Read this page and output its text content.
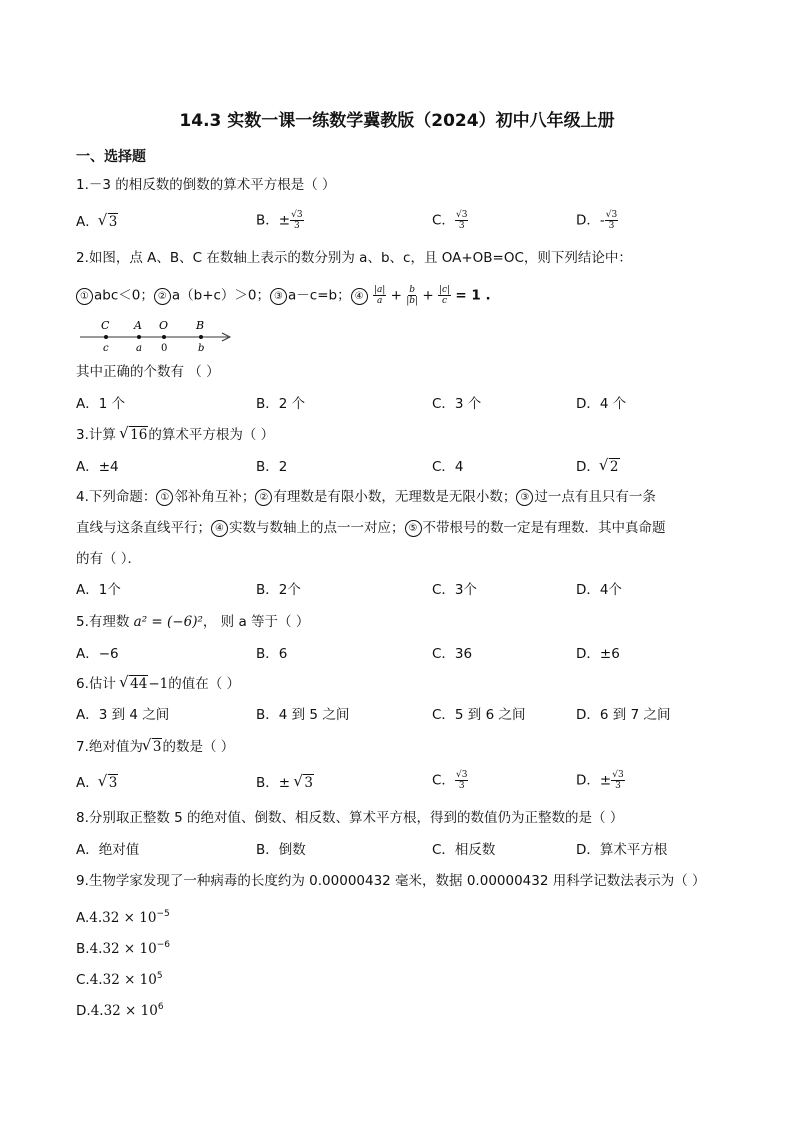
14.3 实数一课一练数学冀教版（2024）初中八年级上册
一、选择题
1.－3 的相反数的倒数的算术平方根是（ ）
A． √ 3	B．± $\frac{√3}{3}$	C． $\frac{√3}{3}$	D．- $\frac{√3}{3}$
2.如图，点 A、B、C 在数轴上表示的数分别为 a、b、c，且 OA+OB=OC，则下列结论中：
① abc＜0； ② a（b+c）＞0； ③ a－c=b； ④ $\frac{|a|}{a} + \frac{b}{|b|} + \frac{|c|}{c} = 1$ .
C A O	B
c	a 0	b
其中正确的个数有 （ ）
A．1 个	B．2 个	C．3 个	D．4 个
3.计算 √ 16的算术平方根为（ ）
A．±4	B．2	C．4	D． √ 2
4.下列命题： ① 邻补角互补； ② 有理数是有限小数，无理数是无限小数； ③ 过一点有且只有一条
直线与这条直线平行； ④ 实数与数轴上的点一一对应； ⑤ 不带根号的数一定是有理数．其中真命题
的有（ ）．
A．1个	B．2个	C．3个	D．4个
5.有理数 a² = (−6)²， 则 a 等于（ ）
A．−6	B．6	C．36	D．±6
6.估计 √ 44−1的值在（ ）
A．3 到 4 之间	B．4 到 5 之间	C．5 到 6 之间	D．6 到 7 之间
7.绝对值为 √ 3的数是（ ）
A． √ 3	B．± √ 3	C． $\frac{√3}{3}$	D．± $\frac{√3}{3}$
8.分别取正整数 5 的绝对值、倒数、相反数、算术平方根，得到的数值仍为正整数的是（ ）
A．绝对值	B．倒数	C．相反数	D．算术平方根
9.生物学家发现了一种病毒的长度约为 0.00000432 毫米，数据 0.00000432 用科学记数法表示为（ ）
$A.4.32 \times 10^{-5}$
$B.4.32 \times 10^{-6}$
$C.4.32 \times 10^5$
$D.4.32 \times 10^6$
